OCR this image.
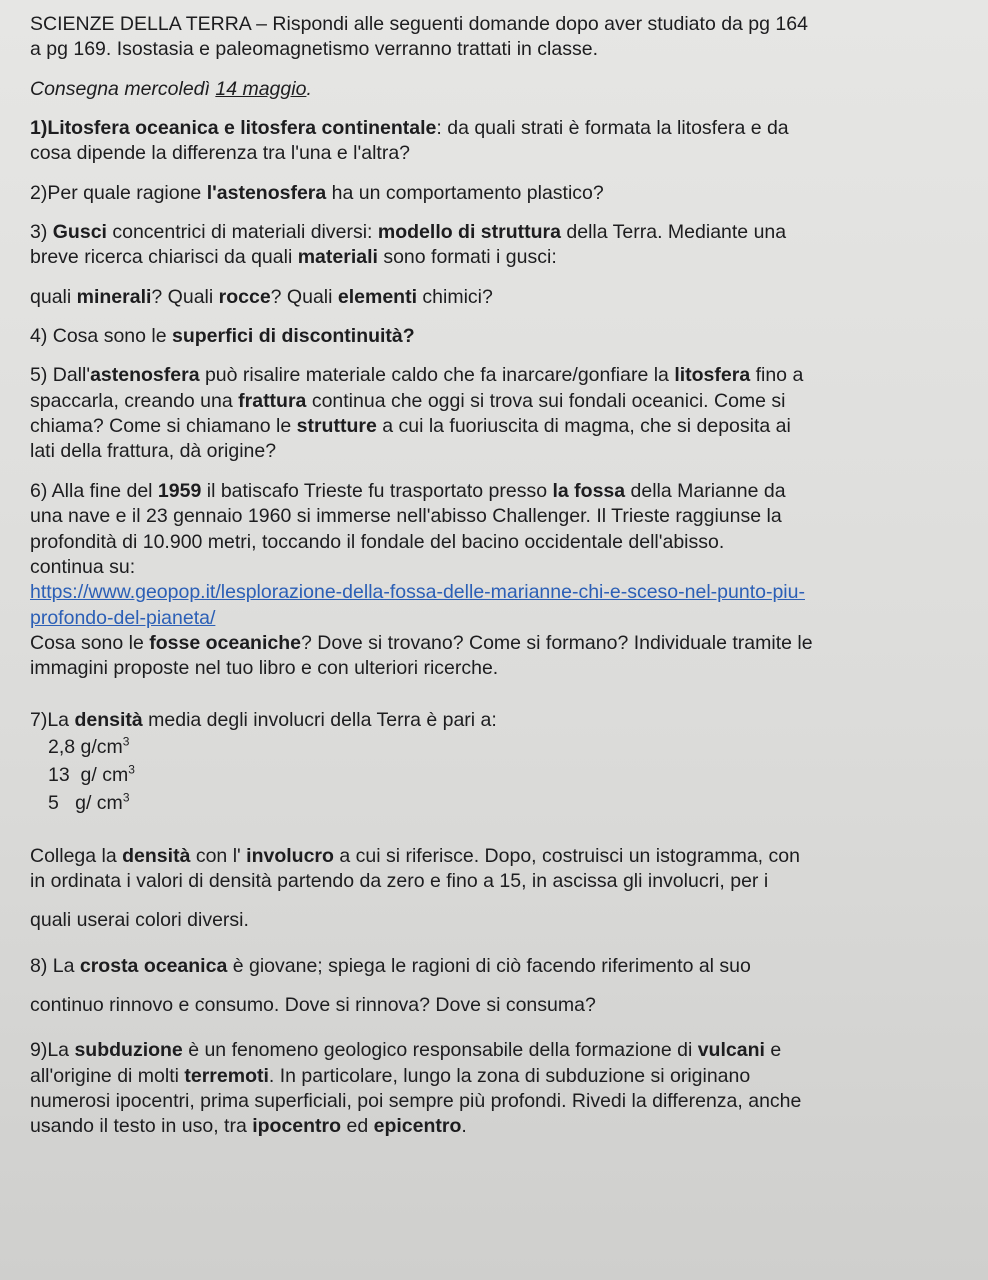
SCIENZE DELLA TERRA – Rispondi alle seguenti domande dopo aver studiato da pg 164

a pg 169. Isostasia e paleomagnetismo verranno trattati in classe.

Consegna mercoledì 14 maggio.

1)Litosfera oceanica e litosfera continentale: da quali strati è formata la litosfera e da

cosa dipende la differenza tra l'una e l'altra?

2)Per quale ragione l'astenosfera ha un comportamento plastico?

3) Gusci concentrici di materiali diversi: modello di struttura della Terra. Mediante una

breve ricerca chiarisci da quali materiali sono formati i gusci:

quali minerali? Quali rocce? Quali elementi chimici?

4) Cosa sono le superfici di discontinuità?

5) Dall'astenosfera può risalire materiale caldo che fa inarcare/gonfiare la litosfera fino a

spaccarla, creando una frattura continua che oggi si trova sui fondali oceanici. Come si

chiama? Come si chiamano le strutture a cui la fuoriuscita di magma, che si deposita ai

lati della frattura, dà origine?

6) Alla fine del 1959 il batiscafo Trieste fu trasportato presso la fossa della Marianne da

una nave e il 23 gennaio 1960 si immerse nell'abisso Challenger. Il Trieste raggiunse la

profondità di 10.900 metri, toccando il fondale del bacino occidentale dell'abisso.

continua su:

https://www.geopop.it/lesplorazione-della-fossa-delle-marianne-chi-e-sceso-nel-punto-piu-

profondo-del-pianeta/

Cosa sono le fosse oceaniche? Dove si trovano? Come si formano? Individuale tramite le

immagini proposte nel tuo libro e con ulteriori ricerche.

7)La densità media degli involucri della Terra è pari a:

2,8 $g/cm^3$

13 g/ $cm^3$

5 g/ $cm^3$

Collega la densità con l' involucro a cui si riferisce. Dopo, costruisci un istogramma, con

in ordinata i valori di densità partendo da zero e fino a 15, in ascissa gli involucri, per i

quali userai colori diversi.

8) La crosta oceanica è giovane; spiega le ragioni di ciò facendo riferimento al suo

continuo rinnovo e consumo. Dove si rinnova? Dove si consuma?

9)La subduzione è un fenomeno geologico responsabile della formazione di vulcani e

all'origine di molti terremoti. In particolare, lungo la zona di subduzione si originano

numerosi ipocentri, prima superficiali, poi sempre più profondi. Rivedi la differenza, anche

usando il testo in uso, tra ipocentro ed epicentro.
